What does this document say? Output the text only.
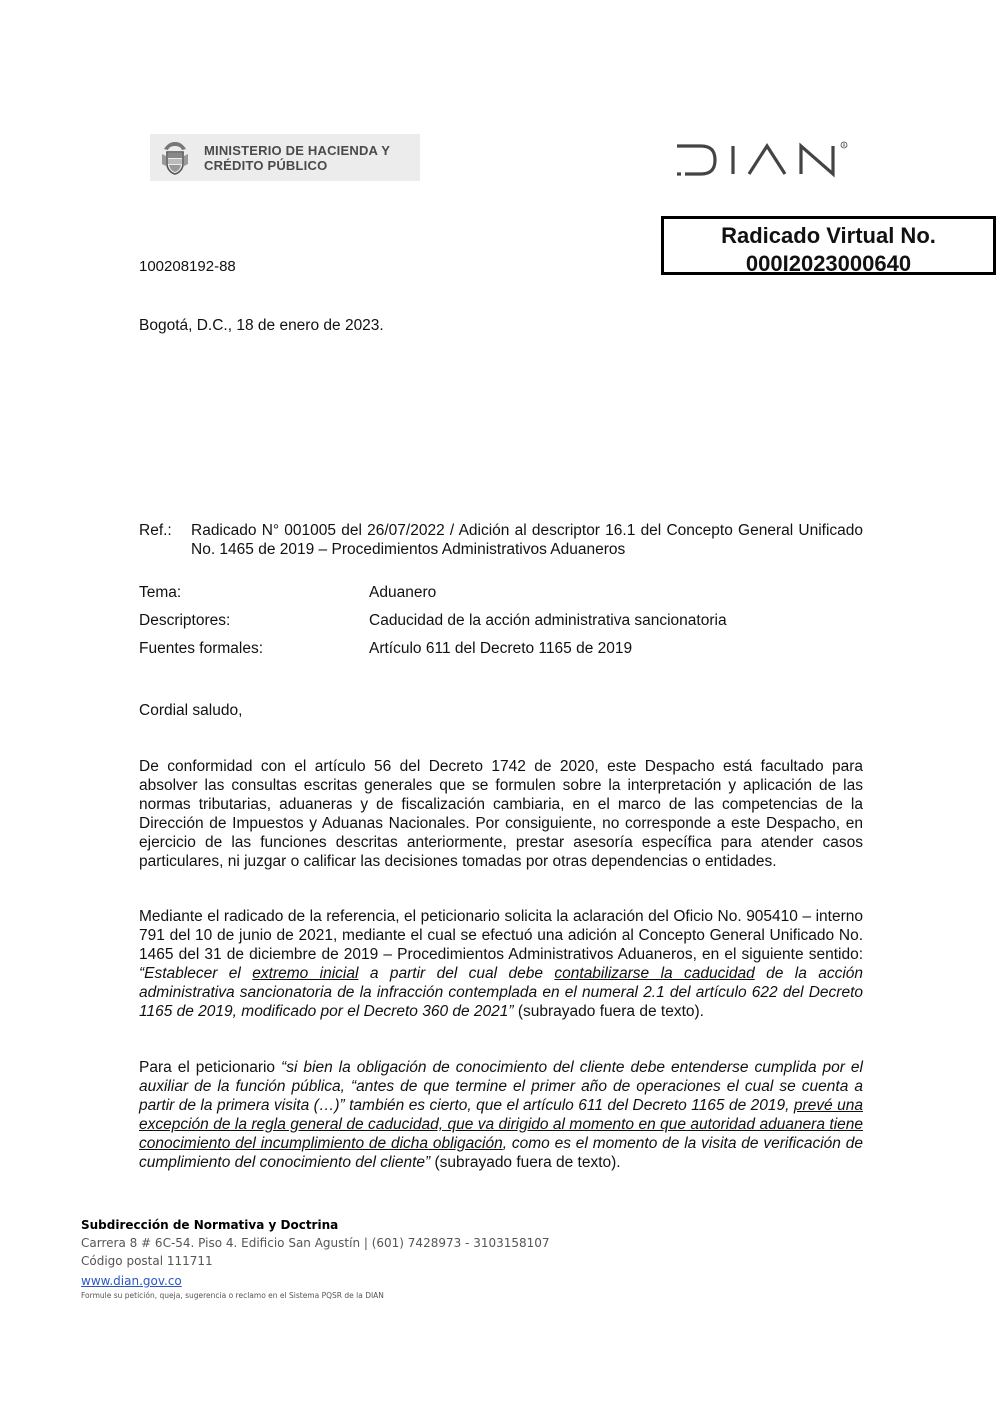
MINISTERIO DE HACIENDA Y
CRÉDITO PÚBLICO
R
Radicado Virtual No.
000I2023000640
100208192-88
Bogotá, D.C., 18 de enero de 2023.
Ref.: Radicado N° 001005 del 26/07/2022 / Adición al descriptor 16.1 del Concepto General Unificado No. 1465 de 2019 – Procedimientos Administrativos Aduaneros
Tema:	Aduanero
Descriptores:	Caducidad de la acción administrativa sancionatoria
Fuentes formales:	Artículo 611 del Decreto 1165 de 2019
Cordial saludo,
De conformidad con el artículo 56 del Decreto 1742 de 2020, este Despacho está facultado para absolver las consultas escritas generales que se formulen sobre la interpretación y aplicación de las normas tributarias, aduaneras y de fiscalización cambiaria, en el marco de las competencias de la Dirección de Impuestos y Aduanas Nacionales. Por consiguiente, no corresponde a este Despacho, en ejercicio de las funciones descritas anteriormente, prestar asesoría específica para atender casos particulares, ni juzgar o calificar las decisiones tomadas por otras dependencias o entidades.
Mediante el radicado de la referencia, el peticionario solicita la aclaración del Oficio No. 905410 – interno 791 del 10 de junio de 2021, mediante el cual se efectuó una adición al Concepto General Unificado No. 1465 del 31 de diciembre de 2019 – Procedimientos Administrativos Aduaneros, en el siguiente sentido: “Establecer el extremo inicial a partir del cual debe contabilizarse la caducidad de la acción administrativa sancionatoria de la infracción contemplada en el numeral 2.1 del artículo 622 del Decreto 1165 de 2019, modificado por el Decreto 360 de 2021” (subrayado fuera de texto).
Para el peticionario “si bien la obligación de conocimiento del cliente debe entenderse cumplida por el auxiliar de la función pública, “antes de que termine el primer año de operaciones el cual se cuenta a partir de la primera visita (…)” también es cierto, que el artículo 611 del Decreto 1165 de 2019, prevé una excepción de la regla general de caducidad, que va dirigido al momento en que autoridad aduanera tiene conocimiento del incumplimiento de dicha obligación, como es el momento de la visita de verificación de cumplimiento del conocimiento del cliente” (subrayado fuera de texto).
Subdirección de Normativa y Doctrina
Carrera 8 # 6C-54. Piso 4. Edificio San Agustín | (601) 7428973 - 3103158107
Código postal 111711
www.dian.gov.co
Formule su petición, queja, sugerencia o reclamo en el Sistema PQSR de la DIAN
